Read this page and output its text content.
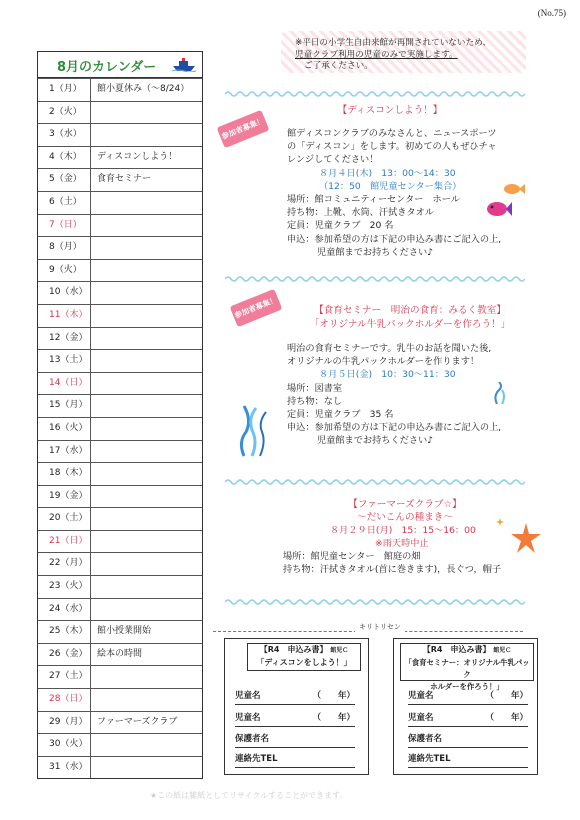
(No.75)
8月のカレンダー
1（月）	館小夏休み（～8/24）
2（火）
3（水）
4（木）	ディスコンしよう！
5（金）	食育セミナー
6（土）
7（日）
8（月）
9（火）
10（水）
11（木）
12（金）
13（土）
14（日）
15（月）
16（火）
17（水）
18（木）
19（金）
20（土）
21（日）
22（月）
23（火）
24（水）
25（木）	館小授業開始
26（金）	絵本の時間
27（土）
28（日）
29（月）	ファーマーズクラブ
30（火）
31（水）
※平日の小学生自由来館が再開されていないため、
児童クラブ利用の児童のみで実施します。
ご了承ください。
参加者募集！
【ディスコンしよう！】
館ディスコンクラブのみなさんと、ニュースポーツ
の「ディスコン」をします。初めての人もぜひチャ
レンジしてください！
８月４日(木)　13：00～14：30
（12：50　館児童センター集合）
場所：館コミュニティーセンター　ホール
持ち物：上靴、水筒、汗拭きタオル
定員：児童クラブ　20 名
申込：参加希望の方は下記の申込み書にご記入の上,
児童館までお持ちください♪
参加者募集！	【食育セミナー　明治の食育：みるく教室】
「オリジナル牛乳パックホルダーを作ろう！」
明治の食育セミナーです。乳牛のお話を聞いた後,
オリジナルの牛乳パックホルダーを作ります！
８月５日(金)　10：30～11：30
場所：図書室
持ち物：なし
定員：児童クラブ　35 名
申込：参加希望の方は下記の申込み書にご記入の上,
児童館までお持ちください♪
【ファーマーズクラブ☆】
～だいこんの種まき～
８月２９日(月)　15：15～16：00
※雨天時中止
場所：館児童センター　館庭の畑
持ち物：汗拭きタオル(首に巻きます)，長ぐつ，帽子
キリトリセン
【R4　申込み書】 館児Ｃ
「ディスコンをしよう！」
児童名	（　　年）
児童名	（　　年）
保護者名
連絡先TEL
【R4　申込み書】 館児Ｃ
「食育セミナー：オリジナル牛乳パック
ホルダーを作ろう！」
児童名	（　　年）
児童名	（　　年）
保護者名
連絡先TEL
★この紙は雑紙としてリサイクルすることができます。
